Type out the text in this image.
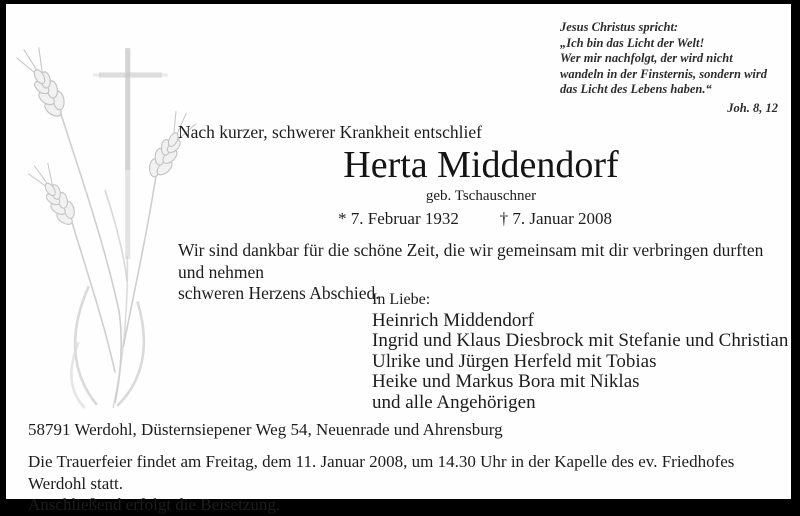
Jesus Christus spricht:
„Ich bin das Licht der Welt!
Wer mir nachfolgt, der wird nicht
wandeln in der Finsternis, sondern wird
das Licht des Lebens haben.“
Joh. 8, 12
Nach kurzer, schwerer Krankheit entschlief
Herta Middendorf
geb. Tschauschner
* 7. Februar 1932 † 7. Januar 2008
Wir sind dankbar für die schöne Zeit, die wir gemeinsam mit dir verbringen durften und nehmen
schweren Herzens Abschied.
In Liebe:
Heinrich Middendorf
Ingrid und Klaus Diesbrock mit Stefanie und Christian
Ulrike und Jürgen Herfeld mit Tobias
Heike und Markus Bora mit Niklas
und alle Angehörigen
58791 Werdohl, Düsternsiepener Weg 54, Neuenrade und Ahrensburg
Die Trauerfeier findet am Freitag, dem 11. Januar 2008, um 14.30 Uhr in der Kapelle des ev. Friedhofes Werdohl statt.
Anschließend erfolgt die Beisetzung.
